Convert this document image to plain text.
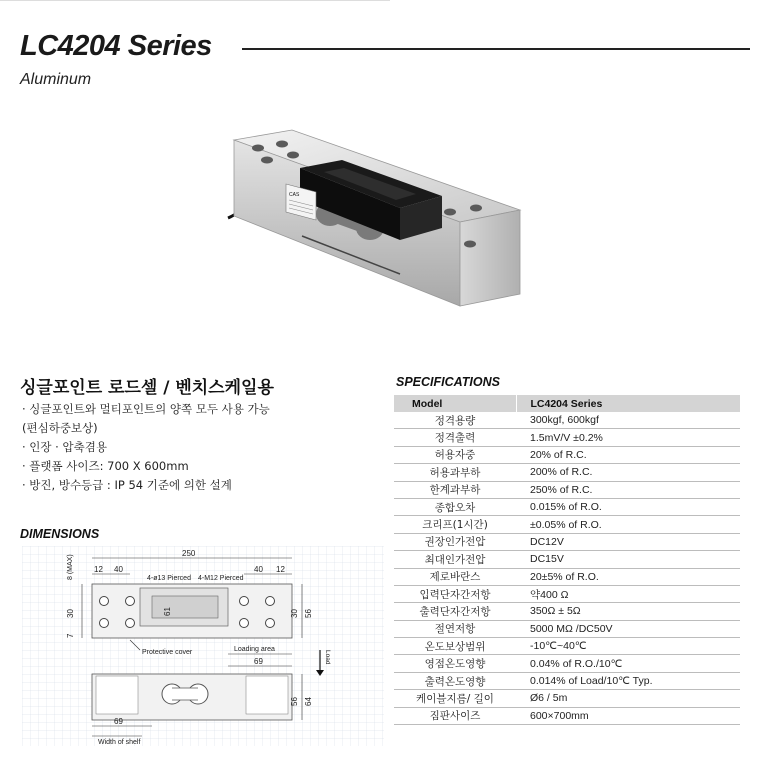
LC4204 Series
Aluminum
CAS
싱글포인트 로드셀 / 벤치스케일용
· 싱글포인트와 멀티포인트의 양쪽 모두 사용 가능
(편심하중보상)
· 인장 · 압축겸용
· 플랫폼 사이즈: 700 X 600mm
· 방진, 방수등급 : IP 54 기준에 의한 설계
DIMENSIONS
250
12 40
4-ø13 Pierced 4-M12 Pierced
40 12
8 (MAX)
30
7
61	30 56
Protective cover	Loading area
69	Load
56 64
69
Width of shelf
SPECIFICATIONS
Model	LC4204 Series
정격용량	300kgf, 600kgf
정격출력	1.5mV/V ±0.2%
허용자중	20% of R.C.
허용과부하	200% of R.C.
한계과부하	250% of R.C.
종합오차	0.015% of R.O.
크리프(1시간)	±0.05% of R.O.
권장인가전압	DC12V
최대인가전압	DC15V
제로바란스	20±5% of R.O.
입력단자간저항	약400 Ω
출력단자간저항	350Ω ± 5Ω
절연저항	5000 MΩ /DC50V
온도보상범위	-10℃~40℃
영점온도영향	0.04% of R.O./10℃
출력온도영향	0.014% of Load/10℃ Typ.
케이블지름/ 길이	Ø6 / 5m
짐판사이즈	600×700mm
